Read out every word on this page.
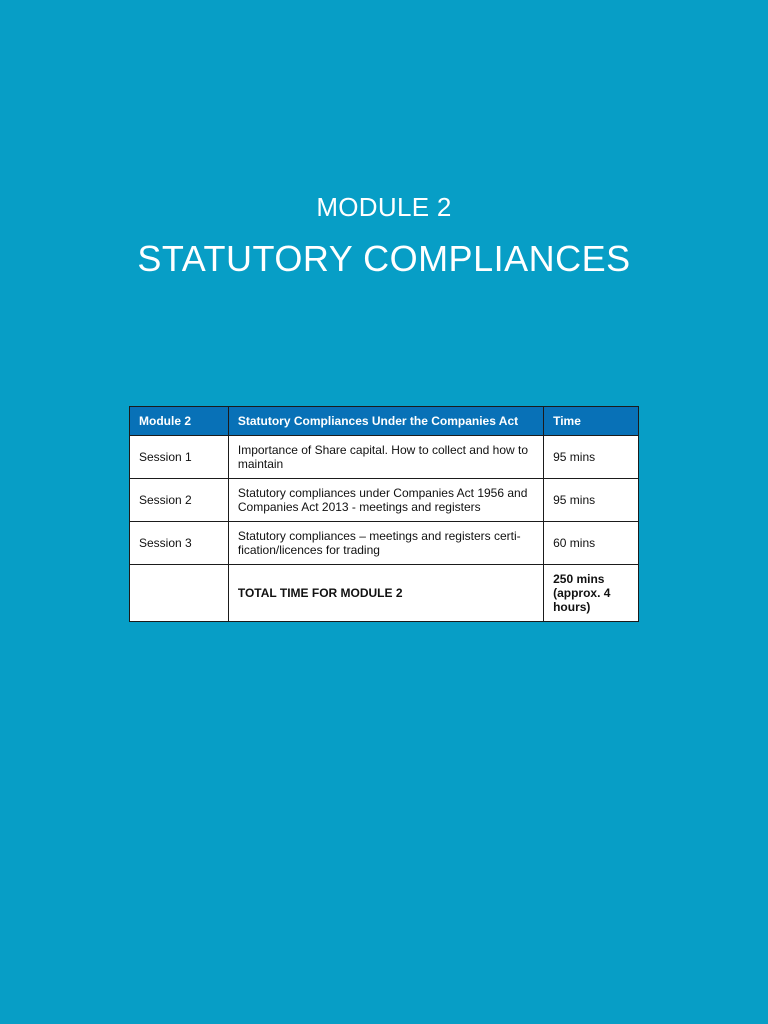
MODULE 2
STATUTORY COMPLIANCES
Module 2	Statutory Compliances Under the Companies Act	Time
Session 1	Importance of Share capital. How to collect and how to maintain	95 mins
Session 2	Statutory compliances under Companies Act 1956 and Companies Act 2013 - meetings and registers	95 mins
Session 3	Statutory compliances – meetings and registers certi-fication/licences for trading	60 mins
	TOTAL TIME FOR MODULE 2	250 mins (approx. 4 hours)
